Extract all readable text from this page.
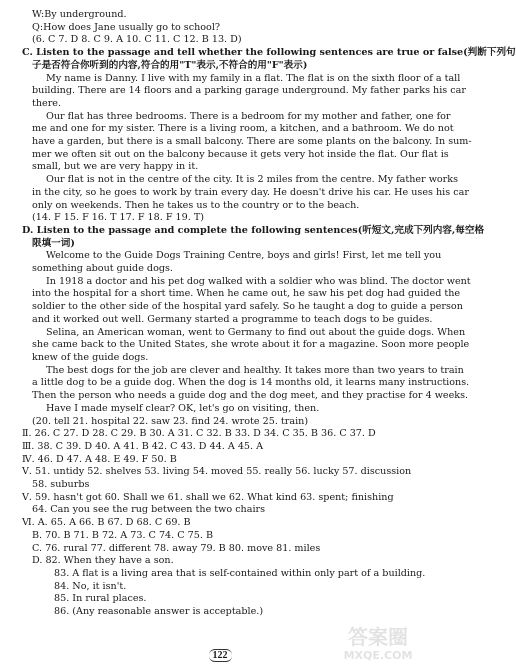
W:By underground.
Q:How does Jane usually go to school?
(6. C 7. D 8. C 9. A 10. C 11. C 12. B 13. D)
C. Listen to the passage and tell whether the following sentences are true or false(判断下列句
子是否符合你听到的内容,符合的用"T"表示,不符合的用"F"表示)
My name is Danny. I live with my family in a flat. The flat is on the sixth floor of a tall
building. There are 14 floors and a parking garage underground. My father parks his car
there.
Our flat has three bedrooms. There is a bedroom for my mother and father, one for
me and one for my sister. There is a living room, a kitchen, and a bathroom. We do not
have a garden, but there is a small balcony. There are some plants on the balcony. In sum-
mer we often sit out on the balcony because it gets very hot inside the flat. Our flat is
small, but we are very happy in it.
Our flat is not in the centre of the city. It is 2 miles from the centre. My father works
in the city, so he goes to work by train every day. He doesn't drive his car. He uses his car
only on weekends. Then he takes us to the country or to the beach.
(14. F 15. F 16. T 17. F 18. F 19. T)
D. Listen to the passage and complete the following sentences(听短文,完成下列内容,每空格
限填一词)
Welcome to the Guide Dogs Training Centre, boys and girls! First, let me tell you
something about guide dogs.
In 1918 a doctor and his pet dog walked with a soldier who was blind. The doctor went
into the hospital for a short time. When he came out, he saw his pet dog had guided the
soldier to the other side of the hospital yard safely. So he taught a dog to guide a person
and it worked out well. Germany started a programme to teach dogs to be guides.
Selina, an American woman, went to Germany to find out about the guide dogs. When
she came back to the United States, she wrote about it for a magazine. Soon more people
knew of the guide dogs.
The best dogs for the job are clever and healthy. It takes more than two years to train
a little dog to be a guide dog. When the dog is 14 months old, it learns many instructions.
Then the person who needs a guide dog and the dog meet, and they practise for 4 weeks.
Have I made myself clear? OK, let's go on visiting, then.
(20. tell 21. hospital 22. saw 23. find 24. wrote 25. train)
Ⅱ. 26. C 27. D 28. C 29. B 30. A 31. C 32. B 33. D 34. C 35. B 36. C 37. D
Ⅲ. 38. C 39. D 40. A 41. B 42. C 43. D 44. A 45. A
Ⅳ. 46. D 47. A 48. E 49. F 50. B
Ⅴ. 51. untidy 52. shelves 53. living 54. moved 55. really 56. lucky 57. discussion
58. suburbs
Ⅴ. 59. hasn't got 60. Shall we 61. shall we 62. What kind 63. spent; finishing
64. Can you see the rug between the two chairs
Ⅵ. A. 65. A 66. B 67. D 68. C 69. B
B. 70. B 71. B 72. A 73. C 74. C 75. B
C. 76. rural 77. different 78. away 79. B 80. move 81. miles
D. 82. When they have a son.
83. A flat is a living area that is self-contained within only part of a building.
84. No, it isn't.
85. In rural places.
86. (Any reasonable answer is acceptable.)
122
答案圈
MXQE.COM
